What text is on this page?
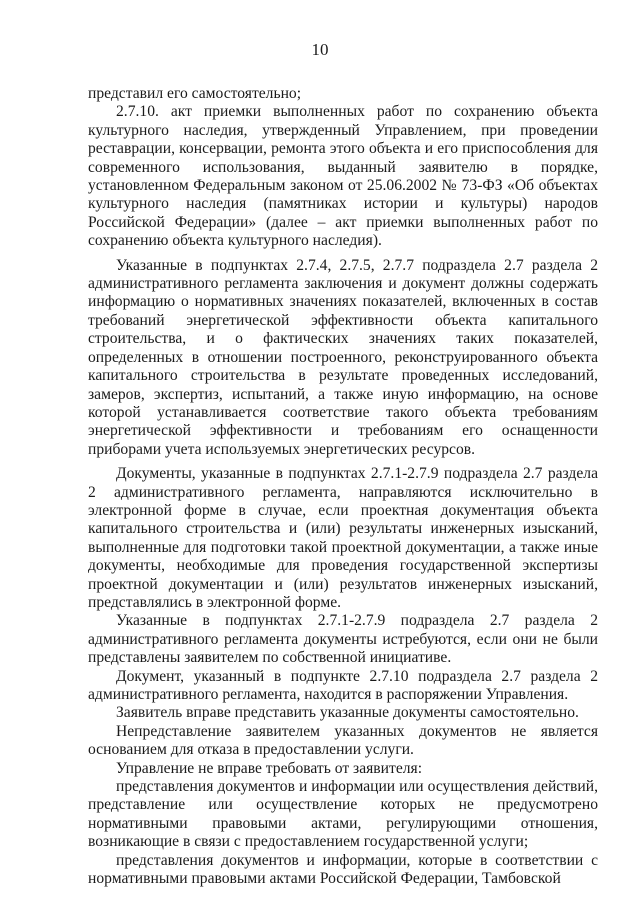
10

представил его самостоятельно;

2.7.10. акт приемки выполненных работ по сохранению объекта культурного наследия, утвержденный Управлением, при проведении реставрации, консервации, ремонта этого объекта и его приспособления для современного использования, выданный заявителю в порядке, установленном Федеральным законом от 25.06.2002 № 73-ФЗ «Об объектах культурного наследия (памятниках истории и культуры) народов Российской Федерации» (далее – акт приемки выполненных работ по сохранению объекта культурного наследия).

Указанные в подпунктах 2.7.4, 2.7.5, 2.7.7 подраздела 2.7 раздела 2 административного регламента заключения и документ должны содержать информацию о нормативных значениях показателей, включенных в состав требований энергетической эффективности объекта капитального строительства, и о фактических значениях таких показателей, определенных в отношении построенного, реконструированного объекта капитального строительства в результате проведенных исследований, замеров, экспертиз, испытаний, а также иную информацию, на основе которой устанавливается соответствие такого объекта требованиям энергетической эффективности и требованиям его оснащенности приборами учета используемых энергетических ресурсов.

Документы, указанные в подпунктах 2.7.1-2.7.9 подраздела 2.7 раздела 2 административного регламента, направляются исключительно в электронной форме в случае, если проектная документация объекта капитального строительства и (или) результаты инженерных изысканий, выполненные для подготовки такой проектной документации, а также иные документы, необходимые для проведения государственной экспертизы проектной документации и (или) результатов инженерных изысканий, представлялись в электронной форме.

Указанные в подпунктах 2.7.1-2.7.9 подраздела 2.7 раздела 2 административного регламента документы истребуются, если они не были представлены заявителем по собственной инициативе.

Документ, указанный в подпункте 2.7.10 подраздела 2.7 раздела 2 административного регламента, находится в распоряжении Управления.

Заявитель вправе представить указанные документы самостоятельно.

Непредставление заявителем указанных документов не является основанием для отказа в предоставлении услуги.

Управление не вправе требовать от заявителя:

представления документов и информации или осуществления действий, представление или осуществление которых не предусмотрено нормативными правовыми актами, регулирующими отношения, возникающие в связи с предоставлением государственной услуги;

представления документов и информации, которые в соответствии с нормативными правовыми актами Российской Федерации, Тамбовской
